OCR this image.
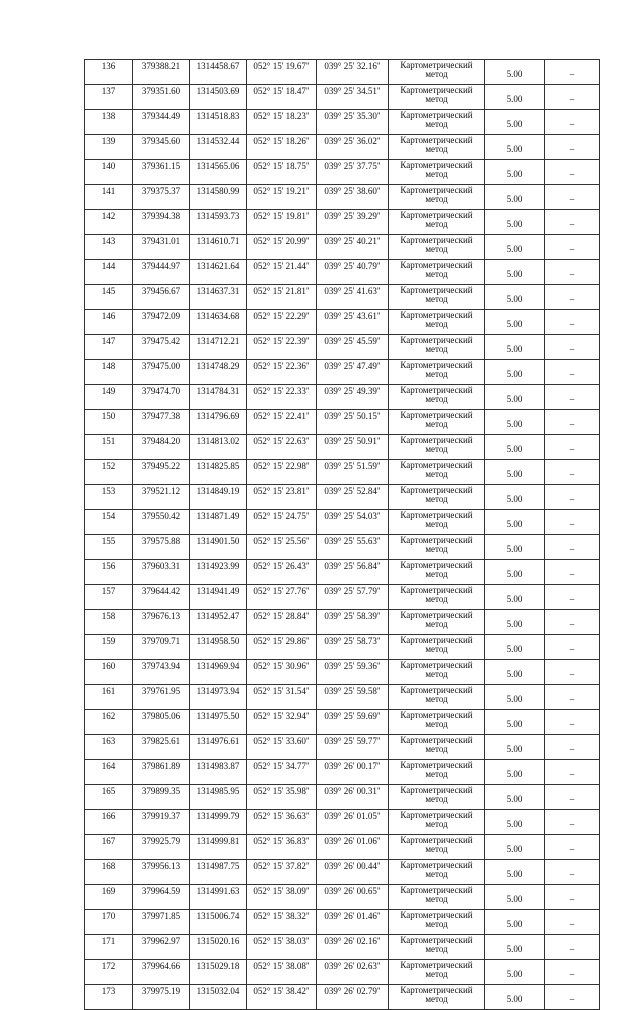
136	379388.21	1314458.67	052° 15' 19.67"	039° 25' 32.16"	Картометрический метод	5.00	–
137	379351.60	1314503.69	052° 15' 18.47"	039° 25' 34.51"	Картометрический метод	5.00	–
138	379344.49	1314518.83	052° 15' 18.23"	039° 25' 35.30"	Картометрический метод	5.00	–
139	379345.60	1314532.44	052° 15' 18.26"	039° 25' 36.02"	Картометрический метод	5.00	–
140	379361.15	1314565.06	052° 15' 18.75"	039° 25' 37.75"	Картометрический метод	5.00	–
141	379375.37	1314580.99	052° 15' 19.21"	039° 25' 38.60"	Картометрический метод	5.00	–
142	379394.38	1314593.73	052° 15' 19.81"	039° 25' 39.29"	Картометрический метод	5.00	–
143	379431.01	1314610.71	052° 15' 20.99"	039° 25' 40.21"	Картометрический метод	5.00	–
144	379444.97	1314621.64	052° 15' 21.44"	039° 25' 40.79"	Картометрический метод	5.00	–
145	379456.67	1314637.31	052° 15' 21.81"	039° 25' 41.63"	Картометрический метод	5.00	–
146	379472.09	1314634.68	052° 15' 22.29"	039° 25' 43.61"	Картометрический метод	5.00	–
147	379475.42	1314712.21	052° 15' 22.39"	039° 25' 45.59"	Картометрический метод	5.00	–
148	379475.00	1314748.29	052° 15' 22.36"	039° 25' 47.49"	Картометрический метод	5.00	–
149	379474.70	1314784.31	052° 15' 22.33"	039° 25' 49.39"	Картометрический метод	5.00	–
150	379477.38	1314796.69	052° 15' 22.41"	039° 25' 50.15"	Картометрический метод	5.00	–
151	379484.20	1314813.02	052° 15' 22.63"	039° 25' 50.91"	Картометрический метод	5.00	–
152	379495.22	1314825.85	052° 15' 22.98"	039° 25' 51.59"	Картометрический метод	5.00	–
153	379521.12	1314849.19	052° 15' 23.81"	039° 25' 52.84"	Картометрический метод	5.00	–
154	379550.42	1314871.49	052° 15' 24.75"	039° 25' 54.03"	Картометрический метод	5.00	–
155	379575.88	1314901.50	052° 15' 25.56"	039° 25' 55.63"	Картометрический метод	5.00	–
156	379603.31	1314923.99	052° 15' 26.43"	039° 25' 56.84"	Картометрический метод	5.00	–
157	379644.42	1314941.49	052° 15' 27.76"	039° 25' 57.79"	Картометрический метод	5.00	–
158	379676.13	1314952.47	052° 15' 28.84"	039° 25' 58.39"	Картометрический метод	5.00	–
159	379709.71	1314958.50	052° 15' 29.86"	039° 25' 58.73"	Картометрический метод	5.00	–
160	379743.94	1314969.94	052° 15' 30.96"	039° 25' 59.36"	Картометрический метод	5.00	–
161	379761.95	1314973.94	052° 15' 31.54"	039° 25' 59.58"	Картометрический метод	5.00	–
162	379805.06	1314975.50	052° 15' 32.94"	039° 25' 59.69"	Картометрический метод	5.00	–
163	379825.61	1314976.61	052° 15' 33.60"	039° 25' 59.77"	Картометрический метод	5.00	–
164	379861.89	1314983.87	052° 15' 34.77"	039° 26' 00.17"	Картометрический метод	5.00	–
165	379899.35	1314985.95	052° 15' 35.98"	039° 26' 00.31"	Картометрический метод	5.00	–
166	379919.37	1314999.79	052° 15' 36.63"	039° 26' 01.05"	Картометрический метод	5.00	–
167	379925.79	1314999.81	052° 15' 36.83"	039° 26' 01.06"	Картометрический метод	5.00	–
168	379956.13	1314987.75	052° 15' 37.82"	039° 26' 00.44"	Картометрический метод	5.00	–
169	379964.59	1314991.63	052° 15' 38.09"	039° 26' 00.65"	Картометрический метод	5.00	–
170	379971.85	1315006.74	052° 15' 38.32"	039° 26' 01.46"	Картометрический метод	5.00	–
171	379962.97	1315020.16	052° 15' 38.03"	039° 26' 02.16"	Картометрический метод	5.00	–
172	379964.66	1315029.18	052° 15' 38.08"	039° 26' 02.63"	Картометрический метод	5.00	–
173	379975.19	1315032.04	052° 15' 38.42"	039° 26' 02.79"	Картометрический метод	5.00	–
